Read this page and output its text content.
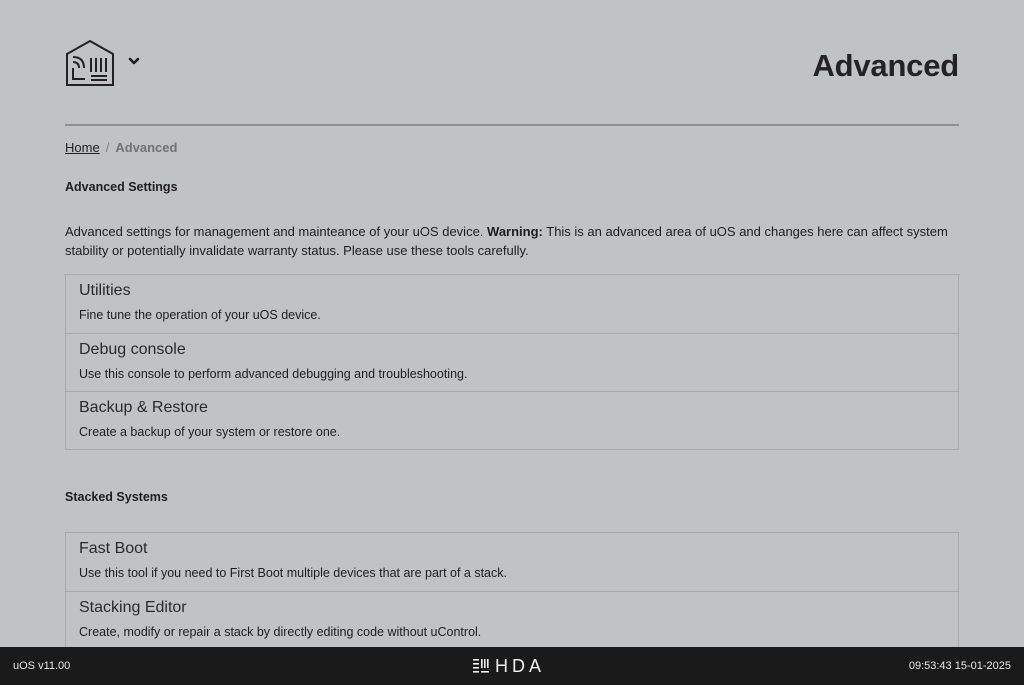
Advanced
Home / Advanced
Advanced Settings

Advanced settings for management and mainteance of your uOS device. Warning: This is an advanced area of uOS and changes here can affect system stability or potentially invalidate warranty status. Please use these tools carefully.

Utilities
Fine tune the operation of your uOS device.
Debug console
Use this console to perform advanced debugging and troubleshooting.
Backup & Restore
Create a backup of your system or restore one.
Stacked Systems
Fast Boot
Use this tool if you need to First Boot multiple devices that are part of a stack.
Stacking Editor
Create, modify or repair a stack by directly editing code without uControl.
uOS v11.00	HDA	09:53:43 15-01-2025
